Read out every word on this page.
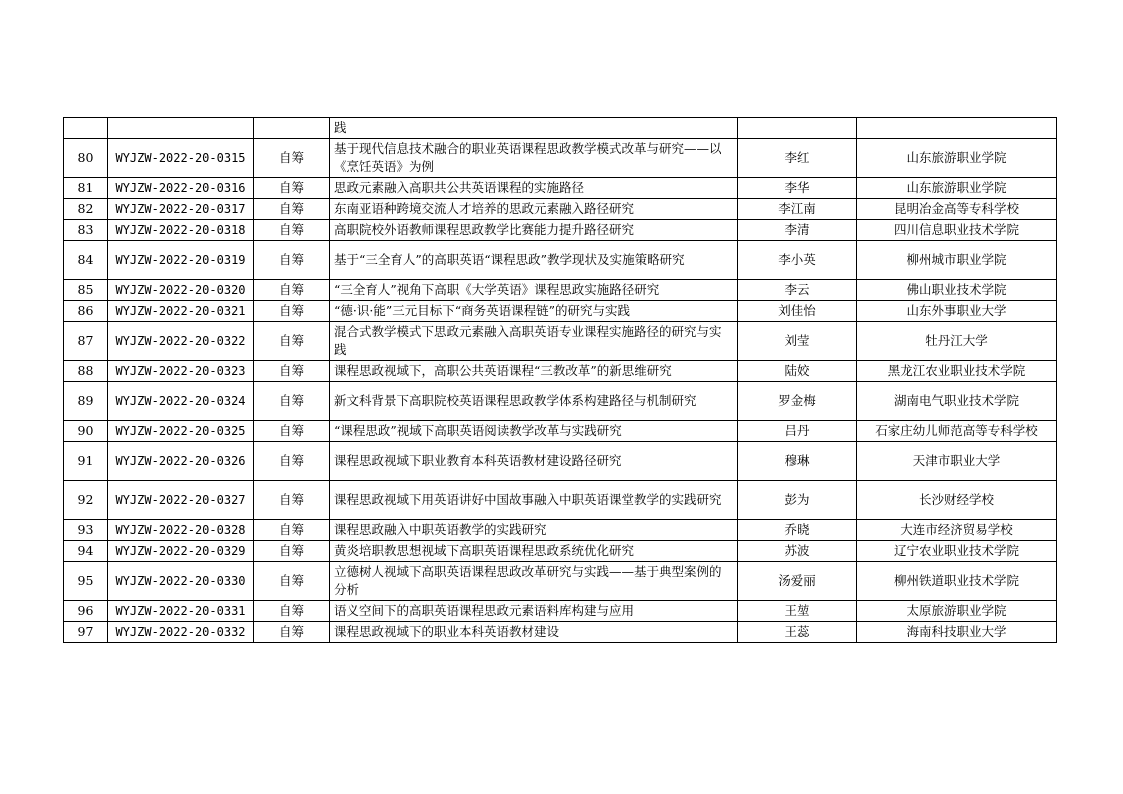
			践		
80	WYJZW-2022-20-0315	自筹	基于现代信息技术融合的职业英语课程思政教学模式改革与研究——以《烹饪英语》为例	李红	山东旅游职业学院
81	WYJZW-2022-20-0316	自筹	思政元素融入高职共公共英语课程的实施路径	李华	山东旅游职业学院
82	WYJZW-2022-20-0317	自筹	东南亚语种跨境交流人才培养的思政元素融入路径研究	李江南	昆明冶金高等专科学校
83	WYJZW-2022-20-0318	自筹	高职院校外语教师课程思政教学比赛能力提升路径研究	李清	四川信息职业技术学院
84	WYJZW-2022-20-0319	自筹	基于“三全育人”的高职英语“课程思政”教学现状及实施策略研究	李小英	柳州城市职业学院
85	WYJZW-2022-20-0320	自筹	“三全育人”视角下高职《大学英语》课程思政实施路径研究	李云	佛山职业技术学院
86	WYJZW-2022-20-0321	自筹	“德·识·能”三元目标下“商务英语课程链”的研究与实践	刘佳怡	山东外事职业大学
87	WYJZW-2022-20-0322	自筹	混合式教学模式下思政元素融入高职英语专业课程实施路径的研究与实践	刘莹	牡丹江大学
88	WYJZW-2022-20-0323	自筹	课程思政视域下，高职公共英语课程“三教改革”的新思维研究	陆姣	黑龙江农业职业技术学院
89	WYJZW-2022-20-0324	自筹	新文科背景下高职院校英语课程思政教学体系构建路径与机制研究	罗金梅	湖南电气职业技术学院
90	WYJZW-2022-20-0325	自筹	“课程思政”视域下高职英语阅读教学改革与实践研究	吕丹	石家庄幼儿师范高等专科学校
91	WYJZW-2022-20-0326	自筹	课程思政视域下职业教育本科英语教材建设路径研究	穆琳	天津市职业大学
92	WYJZW-2022-20-0327	自筹	课程思政视域下用英语讲好中国故事融入中职英语课堂教学的实践研究	彭为	长沙财经学校
93	WYJZW-2022-20-0328	自筹	课程思政融入中职英语教学的实践研究	乔晓	大连市经济贸易学校
94	WYJZW-2022-20-0329	自筹	黄炎培职教思想视域下高职英语课程思政系统优化研究	苏波	辽宁农业职业技术学院
95	WYJZW-2022-20-0330	自筹	立德树人视域下高职英语课程思政改革研究与实践——基于典型案例的分析	汤爱丽	柳州铁道职业技术学院
96	WYJZW-2022-20-0331	自筹	语义空间下的高职英语课程思政元素语料库构建与应用	王堃	太原旅游职业学院
97	WYJZW-2022-20-0332	自筹	课程思政视域下的职业本科英语教材建设	王蕊	海南科技职业大学
